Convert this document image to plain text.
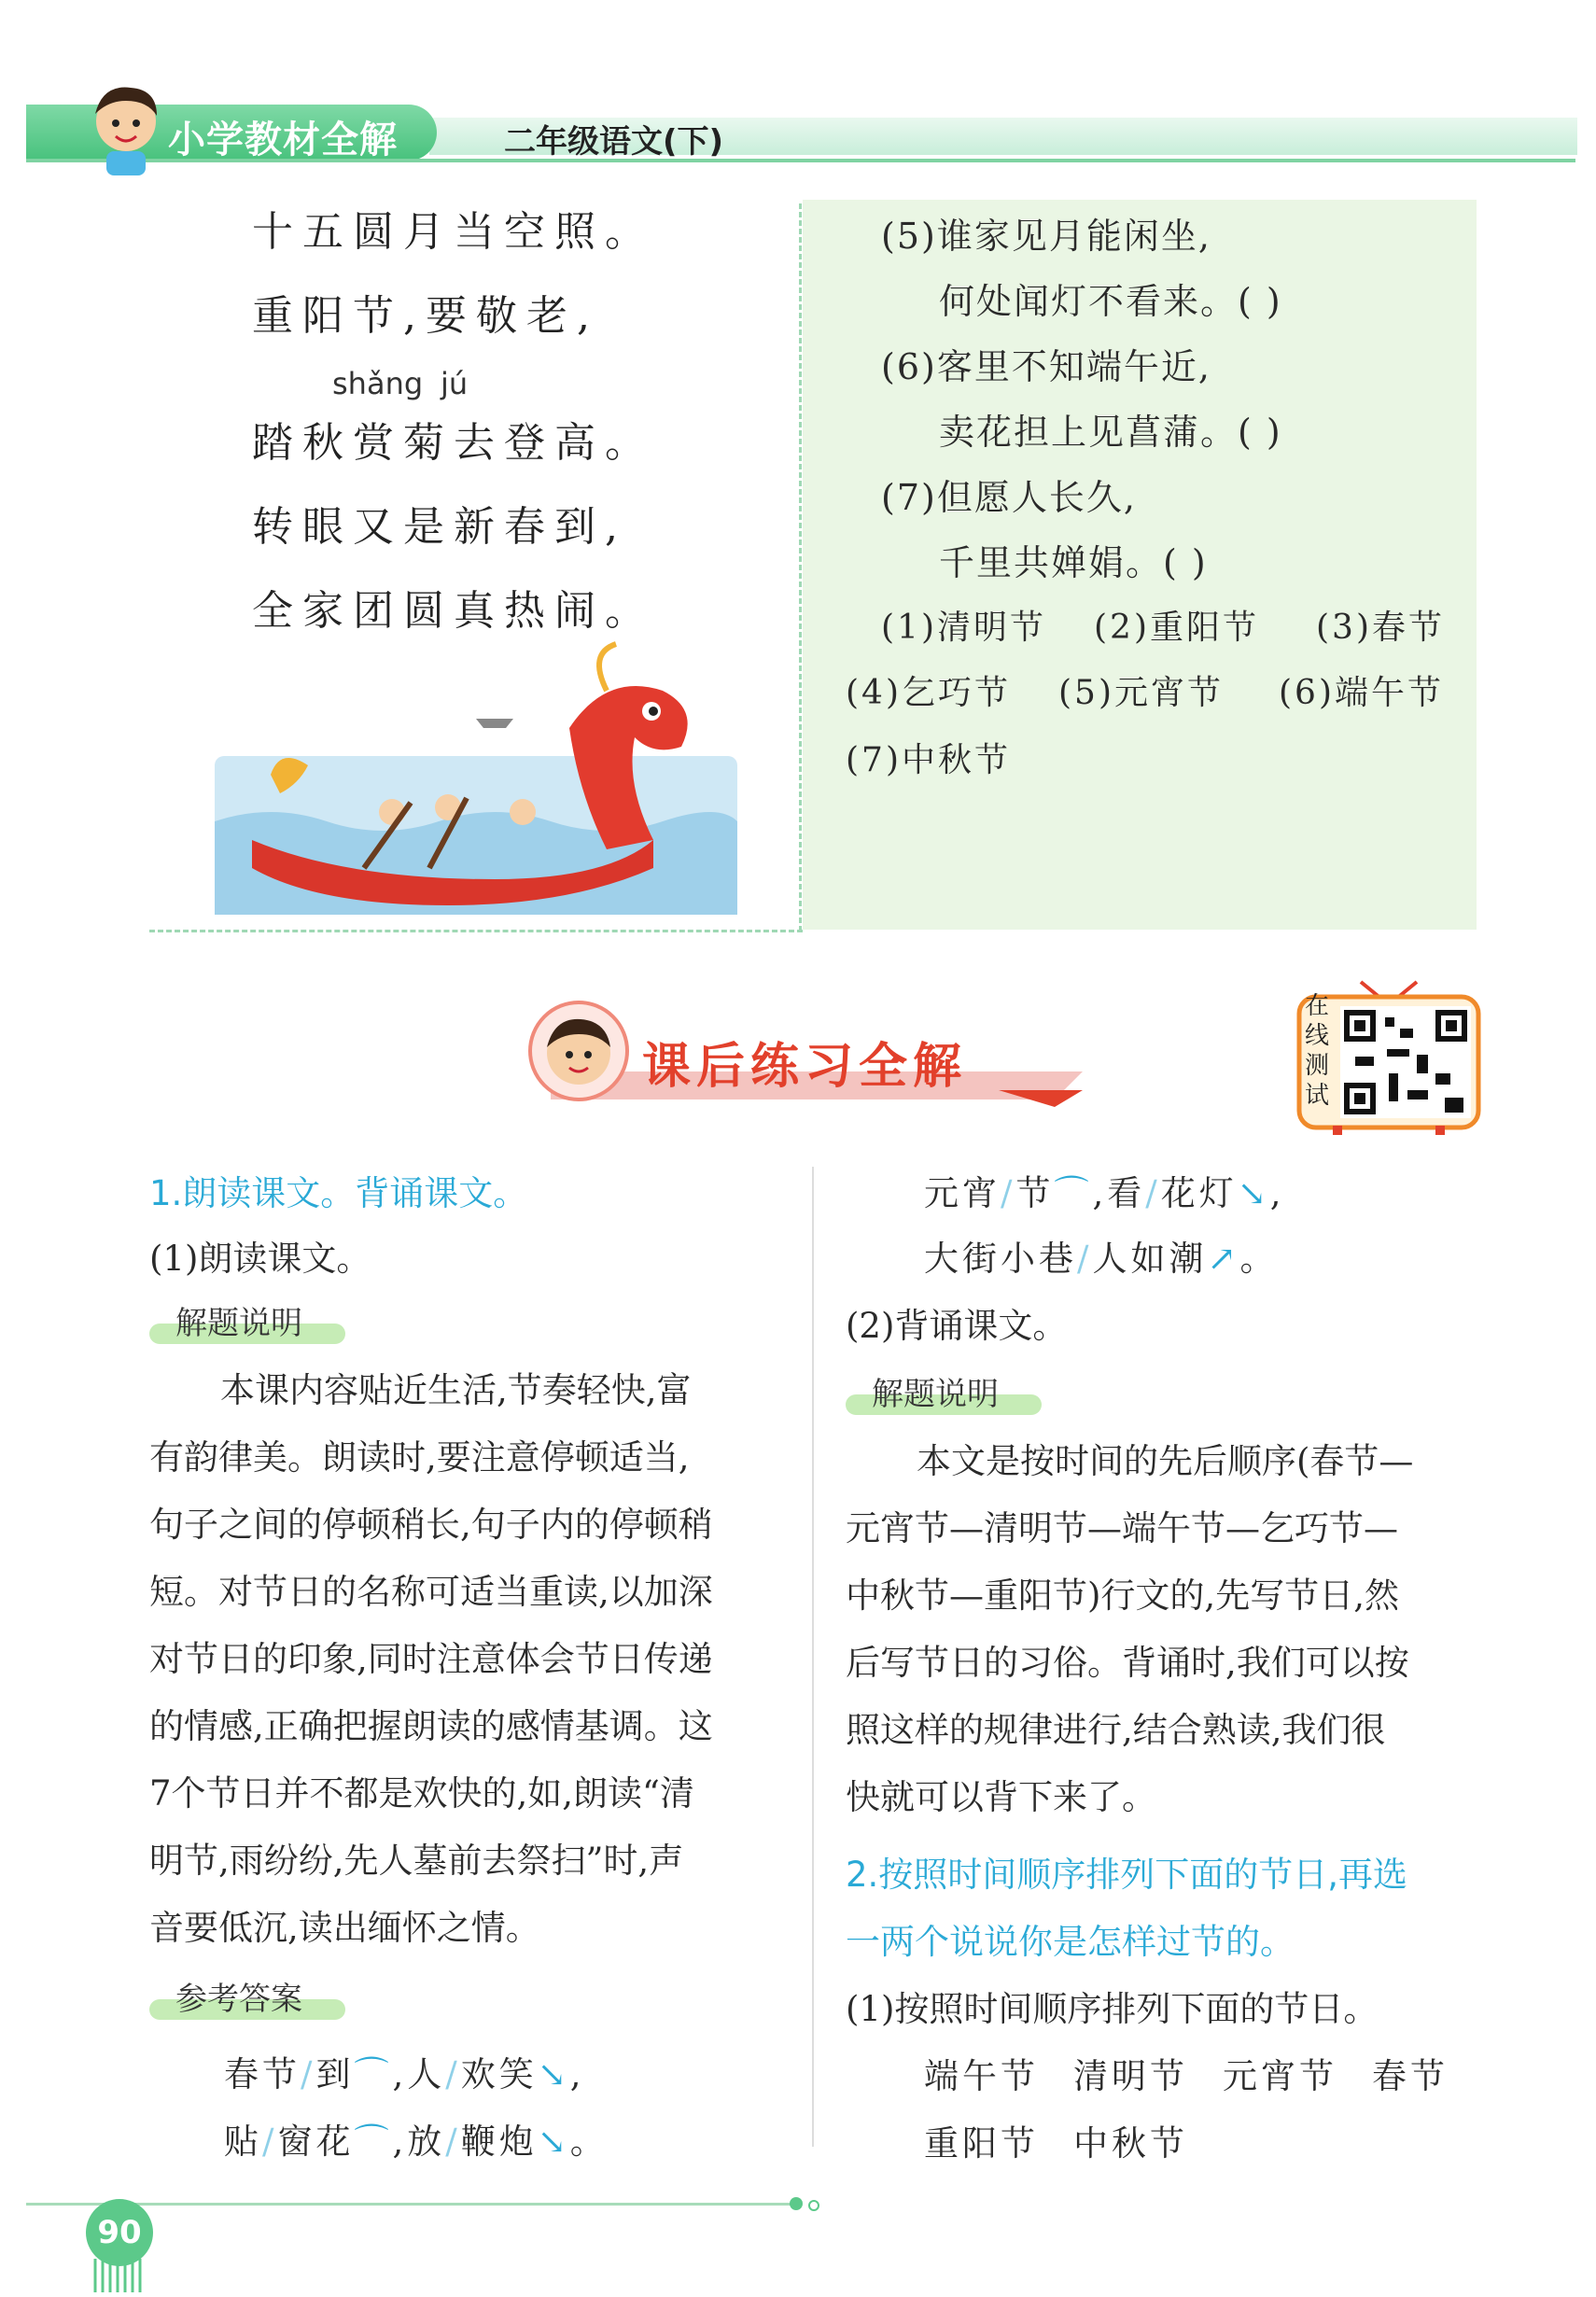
小学教材全解	二年级语文(下)
十五圆月当空照。
重阳节,要敬老,
shǎng jú
踏秋赏菊去登高。
转眼又是新春到,
全家团圆真热闹。
(5)谁家见月能闲坐,
何处闻灯不看来。( )
(6)客里不知端午近,
卖花担上见菖蒲。( )
(7)但愿人长久,
千里共婵娟。( )
(1)清明节 (2)重阳节 (3)春节
(4)乞巧节 (5)元宵节 (6)端午节
(7)中秋节
课后练习全解
在
线
测
试
1.朗读课文。背诵课文。
(1)朗读课文。
解题说明
本课内容贴近生活,节奏轻快,富
有韵律美。朗读时,要注意停顿适当,
句子之间的停顿稍长,句子内的停顿稍
短。对节日的名称可适当重读,以加深
对节日的印象,同时注意体会节日传递
的情感,正确把握朗读的感情基调。这
7个节日并不都是欢快的,如,朗读“清
明节,雨纷纷,先人墓前去祭扫”时,声
音要低沉,读出缅怀之情。
参考答案
春节/到⌒,人/欢笑↘,
贴/窗花⌒,放/鞭炮↘。
元宵/节⌒,看/花灯↘,
大街小巷/人如潮↗。
(2)背诵课文。
解题说明
本文是按时间的先后顺序(春节—
元宵节—清明节—端午节—乞巧节—
中秋节—重阳节)行文的,先写节日,然
后写节日的习俗。背诵时,我们可以按
照这样的规律进行,结合熟读,我们很
快就可以背下来了。
2.按照时间顺序排列下面的节日,再选
一两个说说你是怎样过节的。
(1)按照时间顺序排列下面的节日。
端午节 清明节 元宵节 春节
重阳节 中秋节
90
